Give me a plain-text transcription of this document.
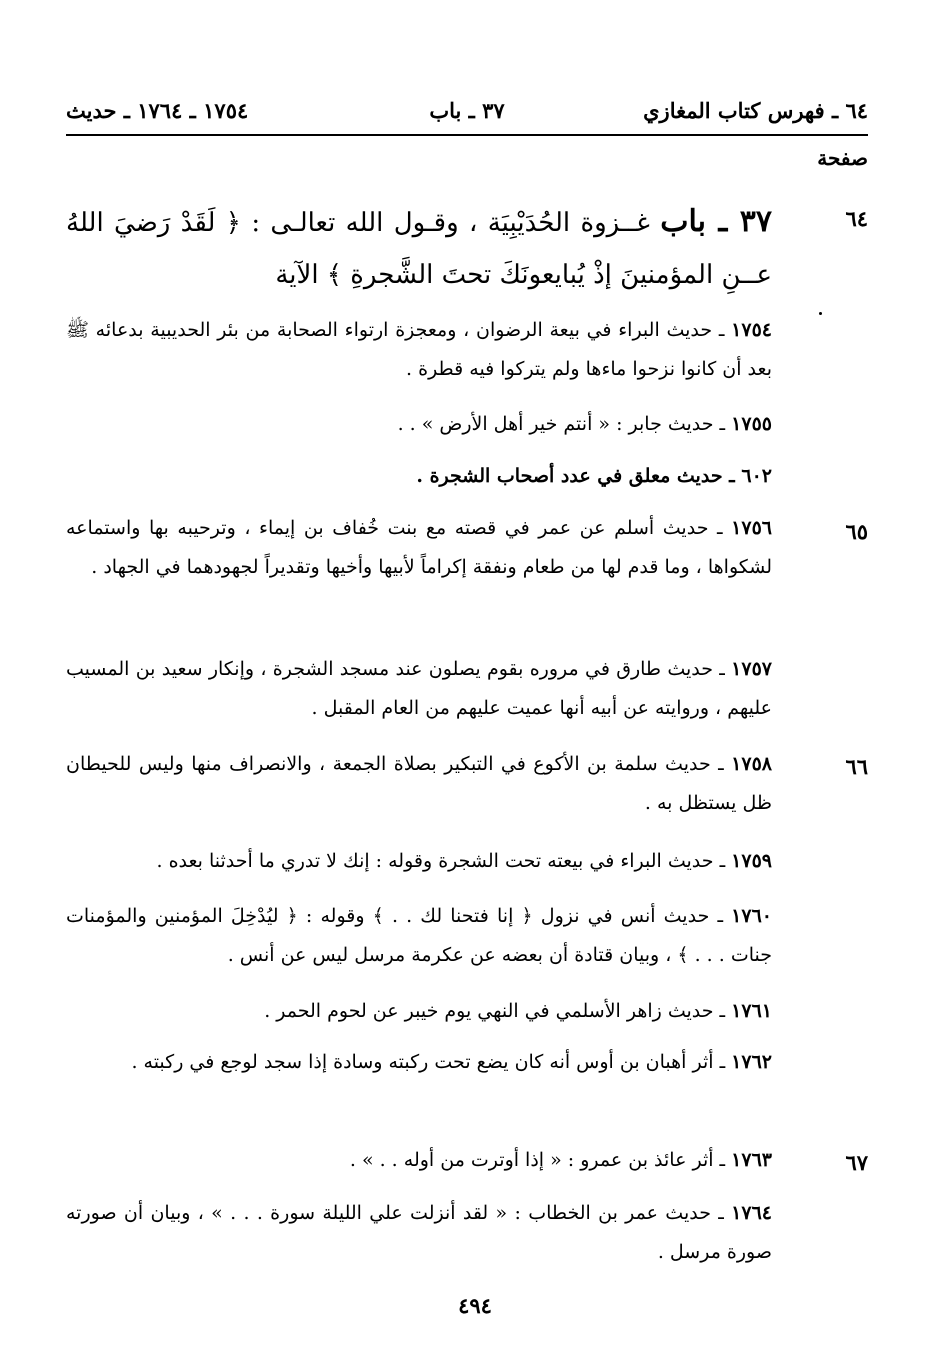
٦٤ ـ فهرس كتاب المغازي
٣٧ ـ باب
١٧٥٤ ـ ١٧٦٤ ـ حديث
صفحة
٦٤
٣٧ ـ باب غــزوة الحُدَيْبِيَة ، وقـول الله تعالـى : ﴿ لَقَدْ رَضيَ اللهُ عــنِ المؤمنينَ إذْ يُبايعونَكَ تحتَ الشَّجرةِ ﴾ الآية
١٧٥٤ ـ حديث البراء في بيعة الرضوان ، ومعجزة ارتواء الصحابة من بئر الحديبية بدعائه ﷺ بعد أن كانوا نزحوا ماءها ولم يتركوا فيه قطرة .
١٧٥٥ ـ حديث جابر : « أنتم خير أهل الأرض » . .
٦٠٢ ـ حديث معلق في عدد أصحاب الشجرة .
٦٥
١٧٥٦ ـ حديث أسلم عن عمر في قصته مع بنت خُفاف بن إيماء ، وترحيبه بها واستماعه لشكواها ، وما قدم لها من طعام ونفقة إكراماً لأبيها وأخيها وتقديراً لجهودهما في الجهاد .
١٧٥٧ ـ حديث طارق في مروره بقوم يصلون عند مسجد الشجرة ، وإنكار سعيد بن المسيب عليهم ، وروايته عن أبيه أنها عميت عليهم من العام المقبل .
٦٦
١٧٥٨ ـ حديث سلمة بن الأكوع في التبكير بصلاة الجمعة ، والانصراف منها وليس للحيطان ظل يستظل به .
١٧٥٩ ـ حديث البراء في بيعته تحت الشجرة وقوله : إنك لا تدري ما أحدثنا بعده .
١٧٦٠ ـ حديث أنس في نزول ﴿ إنا فتحنا لك . . ﴾ وقوله : ﴿ ليُدْخِلَ المؤمنين والمؤمنات جنات . . . ﴾ ، وبيان قتادة أن بعضه عن عكرمة مرسل ليس عن أنس .
١٧٦١ ـ حديث زاهر الأسلمي في النهي يوم خيبر عن لحوم الحمر .
١٧٦٢ ـ أثر أهبان بن أوس أنه كان يضع تحت ركبته وسادة إذا سجد لوجع في ركبته .
٦٧
١٧٦٣ ـ أثر عائذ بن عمرو : « إذا أوترت من أوله . . » .
١٧٦٤ ـ حديث عمر بن الخطاب : « لقد أنزلت علي الليلة سورة . . . » ، وبيان أن صورته صورة مرسل .
٤٩٤
